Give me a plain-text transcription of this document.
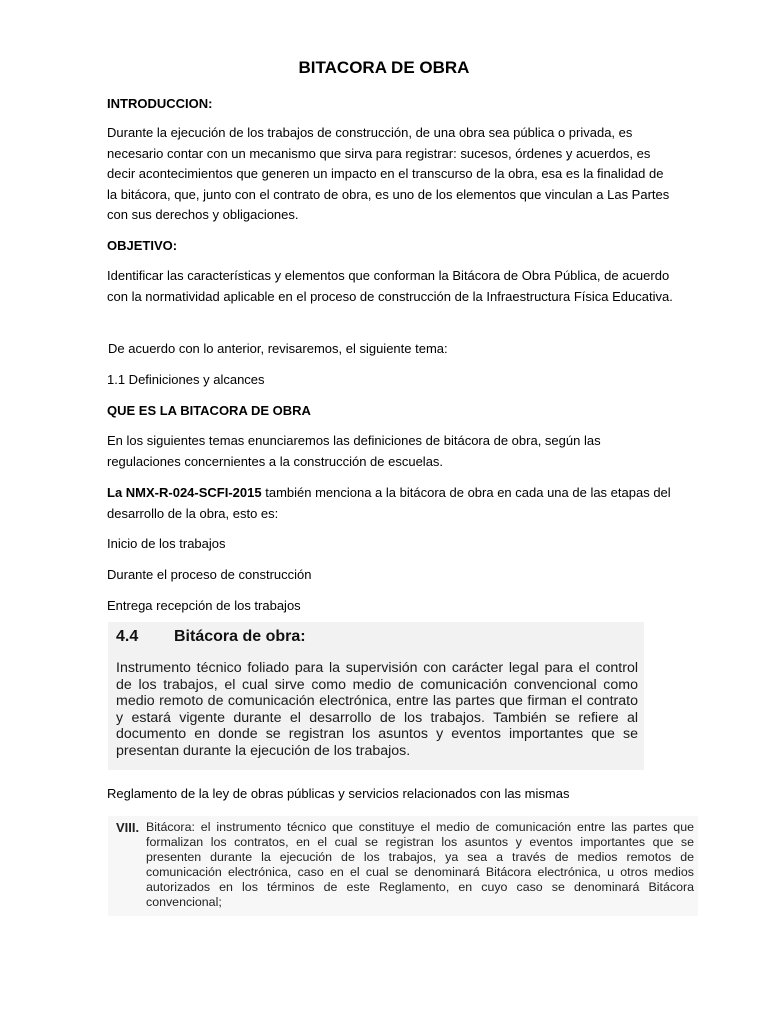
BITACORA DE OBRA
INTRODUCCION:
Durante la ejecución de los trabajos de construcción, de una obra sea pública o privada, es necesario contar con un mecanismo que sirva para registrar: sucesos, órdenes y acuerdos, es decir acontecimientos que generen un impacto en el transcurso de la obra, esa es la finalidad de la bitácora, que, junto con el contrato de obra, es uno de los elementos que vinculan a Las Partes con sus derechos y obligaciones.
OBJETIVO:
Identificar las características y elementos que conforman la Bitácora de Obra Pública, de acuerdo con la normatividad aplicable en el proceso de construcción de la Infraestructura Física Educativa.
De acuerdo con lo anterior, revisaremos, el siguiente tema:
1.1 Definiciones y alcances
QUE ES LA BITACORA DE OBRA
En los siguientes temas enunciaremos las definiciones de bitácora de obra, según las regulaciones concernientes a la construcción de escuelas.
La NMX-R-024-SCFI-2015 también menciona a la bitácora de obra en cada una de las etapas del desarrollo de la obra, esto es:
Inicio de los trabajos
Durante el proceso de construcción
Entrega recepción de los trabajos
4.4 Bitácora de obra:
Instrumento técnico foliado para la supervisión con carácter legal para el control de los trabajos, el cual sirve como medio de comunicación convencional como medio remoto de comunicación electrónica, entre las partes que firman el contrato y estará vigente durante el desarrollo de los trabajos. También se refiere al documento en donde se registran los asuntos y eventos importantes que se presentan durante la ejecución de los trabajos.
Reglamento de la ley de obras públicas y servicios relacionados con las mismas
VIII. Bitácora: el instrumento técnico que constituye el medio de comunicación entre las partes que formalizan los contratos, en el cual se registran los asuntos y eventos importantes que se presenten durante la ejecución de los trabajos, ya sea a través de medios remotos de comunicación electrónica, caso en el cual se denominará Bitácora electrónica, u otros medios autorizados en los términos de este Reglamento, en cuyo caso se denominará Bitácora convencional;
